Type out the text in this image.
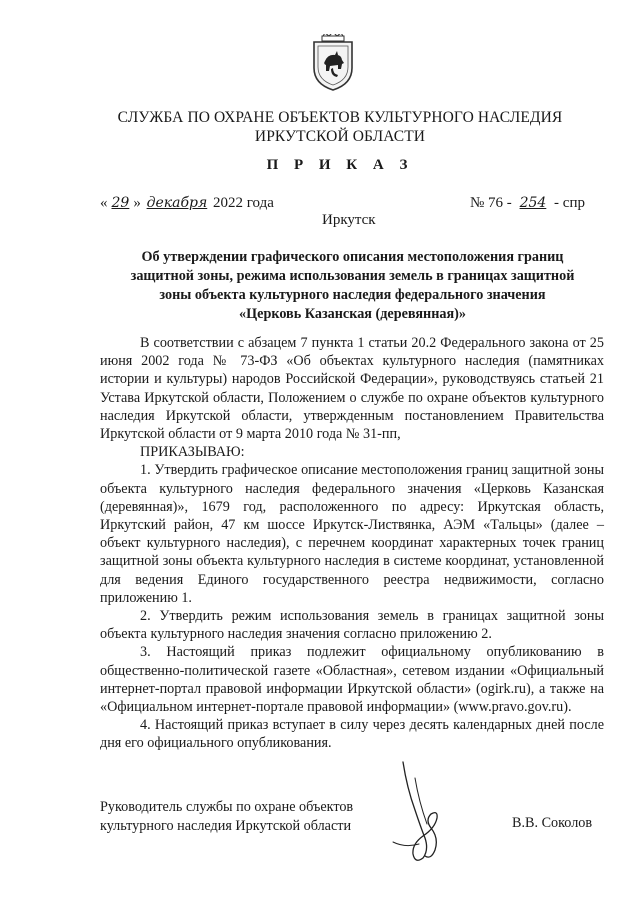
СЛУЖБА ПО ОХРАНЕ ОБЪЕКТОВ КУЛЬТУРНОГО НАСЛЕДИЯ
ИРКУТСКОЙ ОБЛАСТИ
П Р И К А З
« 29 » декабря 2022 года	№ 76 - 254 - спр
Иркутск
Об утверждении графического описания местоположения границ
защитной зоны, режима использования земель в границах защитной
зоны объекта культурного наследия федерального значения
«Церковь Казанская (деревянная)»

В соответствии с абзацем 7 пункта 1 статьи 20.2 Федерального закона от 25 июня 2002 года № 73-ФЗ «Об объектах культурного наследия (памятниках истории и культуры) народов Российской Федерации», руководствуясь статьей 21 Устава Иркутской области, Положением о службе по охране объектов культурного наследия Иркутской области, утвержденным постановлением Правительства Иркутской области от 9 марта 2010 года № 31-пп,

ПРИКАЗЫВАЮ:

1. Утвердить графическое описание местоположения границ защитной зоны объекта культурного наследия федерального значения «Церковь Казанская (деревянная)», 1679 год, расположенного по адресу: Иркутская область, Иркутский район, 47 км шоссе Иркутск-Листвянка, АЭМ «Тальцы» (далее – объект культурного наследия), с перечнем координат характерных точек границ защитной зоны объекта культурного наследия в системе координат, установленной для ведения Единого государственного реестра недвижимости, согласно приложению 1.

2. Утвердить режим использования земель в границах защитной зоны объекта культурного наследия значения согласно приложению 2.

3. Настоящий приказ подлежит официальному опубликованию в общественно-политической газете «Областная», сетевом издании «Официальный интернет-портал правовой информации Иркутской области» (ogirk.ru), а также на «Официальном интернет-портале правовой информации» (www.pravo.gov.ru).

4. Настоящий приказ вступает в силу через десять календарных дней после дня его официального опубликования.

Руководитель службы по охране объектов
культурного наследия Иркутской области	В.В. Соколов
